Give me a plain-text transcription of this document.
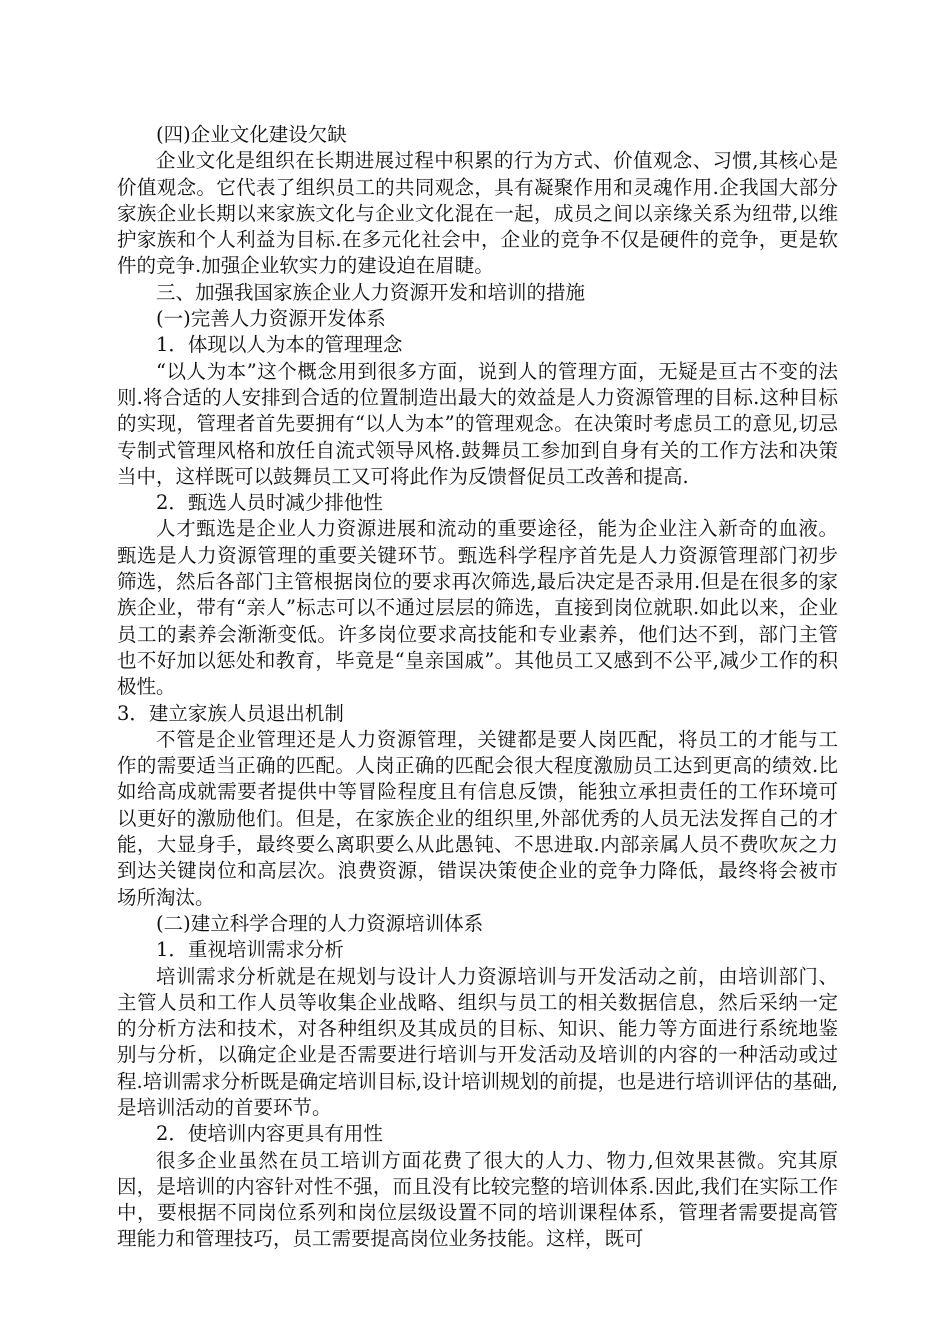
(四)企业文化建设欠缺

企业文化是组织在长期进展过程中积累的行为方式、价值观念、习惯,其核心是价值观念。它代表了组织员工的共同观念，具有凝聚作用和灵魂作用.企我国大部分家族企业长期以来家族文化与企业文化混在一起，成员之间以亲缘关系为纽带,以维护家族和个人利益为目标.在多元化社会中，企业的竞争不仅是硬件的竞争，更是软件的竞争.加强企业软实力的建设迫在眉睫。

三、加强我国家族企业人力资源开发和培训的措施

(一)完善人力资源开发体系

1．体现以人为本的管理理念

“以人为本”这个概念用到很多方面，说到人的管理方面，无疑是亘古不变的法则.将合适的人安排到合适的位置制造出最大的效益是人力资源管理的目标.这种目标的实现，管理者首先要拥有“以人为本”的管理观念。在决策时考虑员工的意见,切忌专制式管理风格和放任自流式领导风格.鼓舞员工参加到自身有关的工作方法和决策当中，这样既可以鼓舞员工又可将此作为反馈督促员工改善和提高.

2．甄选人员时减少排他性

人才甄选是企业人力资源进展和流动的重要途径，能为企业注入新奇的血液。甄选是人力资源管理的重要关键环节。甄选科学程序首先是人力资源管理部门初步筛选，然后各部门主管根据岗位的要求再次筛选,最后决定是否录用.但是在很多的家族企业，带有“亲人”标志可以不通过层层的筛选，直接到岗位就职.如此以来，企业员工的素养会渐渐变低。许多岗位要求高技能和专业素养，他们达不到，部门主管也不好加以惩处和教育，毕竟是“皇亲国戚”。其他员工又感到不公平,减少工作的积极性。

3．建立家族人员退出机制

不管是企业管理还是人力资源管理，关键都是要人岗匹配，将员工的才能与工作的需要适当正确的匹配。人岗正确的匹配会很大程度激励员工达到更高的绩效.比如给高成就需要者提供中等冒险程度且有信息反馈，能独立承担责任的工作环境可以更好的激励他们。但是，在家族企业的组织里,外部优秀的人员无法发挥自己的才能，大显身手，最终要么离职要么从此愚钝、不思进取.内部亲属人员不费吹灰之力到达关键岗位和高层次。浪费资源，错误决策使企业的竞争力降低，最终将会被市场所淘汰。

(二)建立科学合理的人力资源培训体系

1．重视培训需求分析

培训需求分析就是在规划与设计人力资源培训与开发活动之前，由培训部门、主管人员和工作人员等收集企业战略、组织与员工的相关数据信息，然后采纳一定的分析方法和技术，对各种组织及其成员的目标、知识、能力等方面进行系统地鉴别与分析，以确定企业是否需要进行培训与开发活动及培训的内容的一种活动或过程.培训需求分析既是确定培训目标,设计培训规划的前提，也是进行培训评估的基础,是培训活动的首要环节。

2．使培训内容更具有用性

很多企业虽然在员工培训方面花费了很大的人力、物力,但效果甚微。究其原因，是培训的内容针对性不强，而且没有比较完整的培训体系.因此,我们在实际工作中，要根据不同岗位系列和岗位层级设置不同的培训课程体系，管理者需要提高管理能力和管理技巧，员工需要提高岗位业务技能。这样，既可
